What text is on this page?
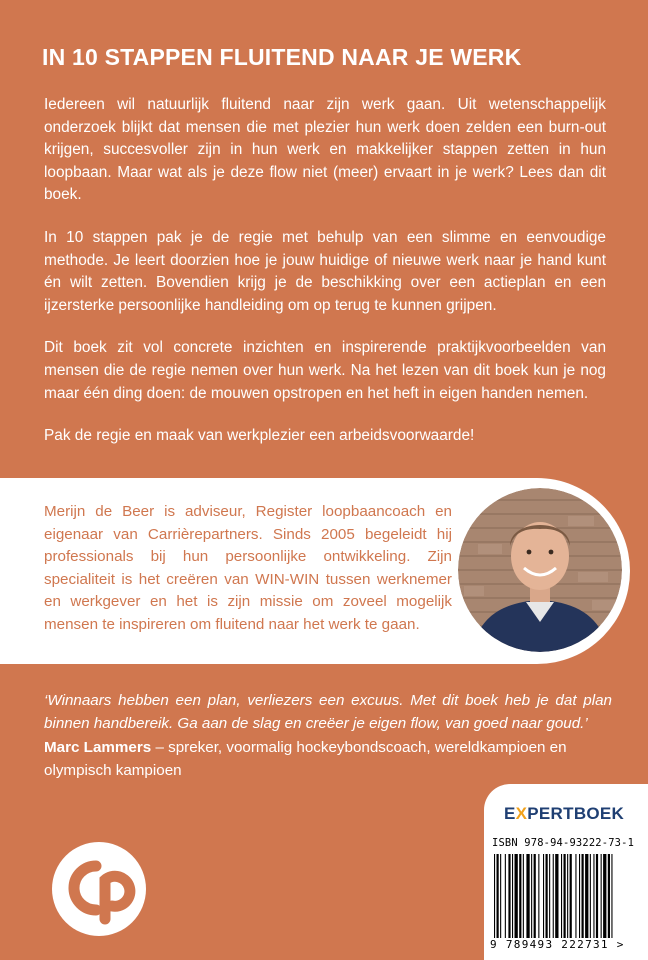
IN 10 STAPPEN FLUITEND NAAR JE WERK

Iedereen wil natuurlijk fluitend naar zijn werk gaan. Uit wetenschappelijk onderzoek blijkt dat mensen die met plezier hun werk doen zelden een burn-out krijgen, succesvoller zijn in hun werk en makkelijker stappen zetten in hun loopbaan. Maar wat als je deze flow niet (meer) ervaart in je werk? Lees dan dit boek.

In 10 stappen pak je de regie met behulp van een slimme en eenvoudige methode. Je leert doorzien hoe je jouw huidige of nieuwe werk naar je hand kunt én wilt zetten. Bovendien krijg je de beschikking over een actieplan en een ijzersterke persoonlijke handleiding om op terug te kunnen grijpen.

Dit boek zit vol concrete inzichten en inspirerende praktijkvoorbeelden van mensen die de regie nemen over hun werk. Na het lezen van dit boek kun je nog maar één ding doen: de mouwen opstropen en het heft in eigen handen nemen.

Pak de regie en maak van werkplezier een arbeidsvoorwaarde!

Merijn de Beer is adviseur, Register loopbaancoach en eigenaar van Carrièrepartners. Sinds 2005 begeleidt hij professionals bij hun persoonlijke ontwikkeling. Zijn specialiteit is het creëren van WIN-WIN tussen werknemer en werkgever en het is zijn missie om zoveel mogelijk mensen te inspireren om fluitend naar het werk te gaan.

‘Winnaars hebben een plan, verliezers een excuus. Met dit boek heb je dat plan binnen handbereik. Ga aan de slag en creëer je eigen flow, van goed naar goud.’

Marc Lammers – spreker, voormalig hockeybondscoach, wereldkampioen en olympisch kampioen

EXPERTBOEK
ISBN 978-94-93222-73-1
9 789493 222731 >
